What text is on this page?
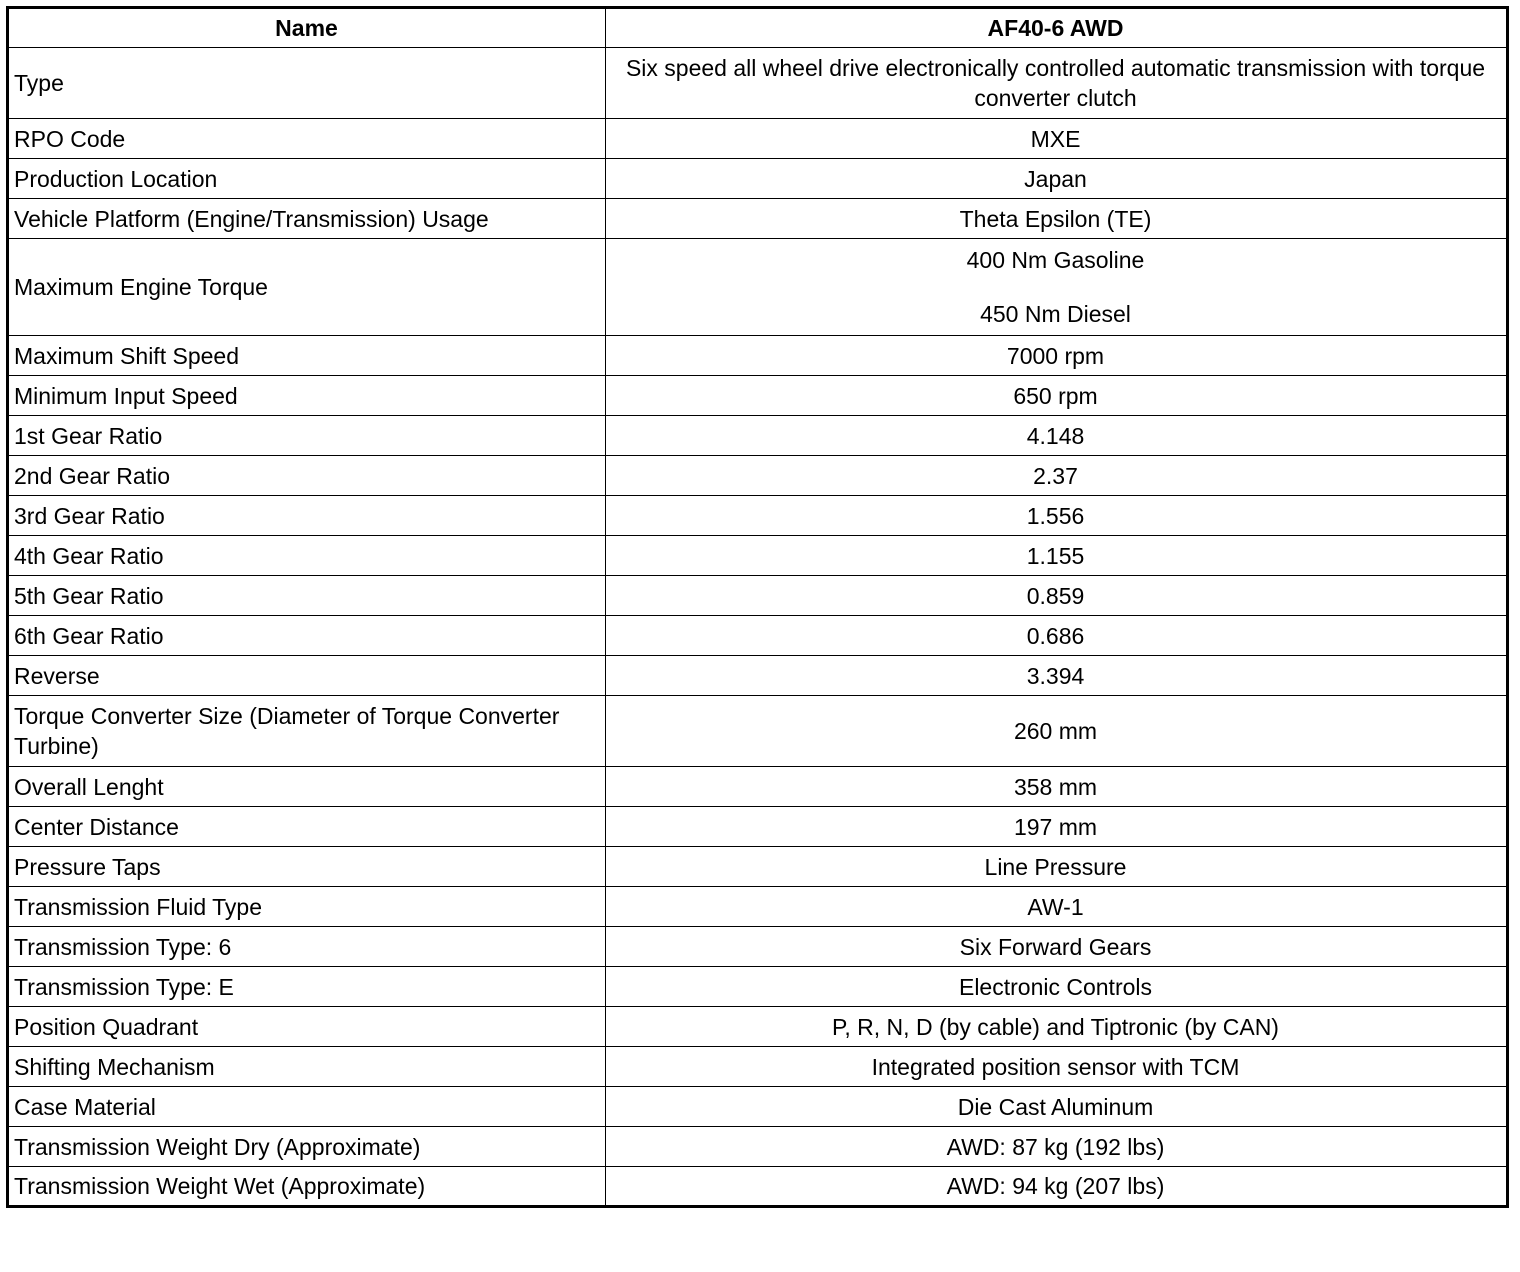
Name	AF40-6 AWD
Type	Six speed all wheel drive electronically controlled automatic transmission with torque converter clutch
RPO Code	MXE
Production Location	Japan
Vehicle Platform (Engine/Transmission) Usage	Theta Epsilon (TE)
Maximum Engine Torque	400 Nm Gasoline
450 Nm Diesel

Maximum Shift Speed	7000 rpm
Minimum Input Speed	650 rpm
1st Gear Ratio	4.148
2nd Gear Ratio	2.37
3rd Gear Ratio	1.556
4th Gear Ratio	1.155
5th Gear Ratio	0.859
6th Gear Ratio	0.686
Reverse	3.394
Torque Converter Size (Diameter of Torque Converter Turbine)	260 mm
Overall Lenght	358 mm
Center Distance	197 mm
Pressure Taps	Line Pressure
Transmission Fluid Type	AW-1
Transmission Type: 6	Six Forward Gears
Transmission Type: E	Electronic Controls
Position Quadrant	P, R, N, D (by cable) and Tiptronic (by CAN)
Shifting Mechanism	Integrated position sensor with TCM
Case Material	Die Cast Aluminum
Transmission Weight Dry (Approximate)	AWD: 87 kg (192 lbs)
Transmission Weight Wet (Approximate)	AWD: 94 kg (207 lbs)
